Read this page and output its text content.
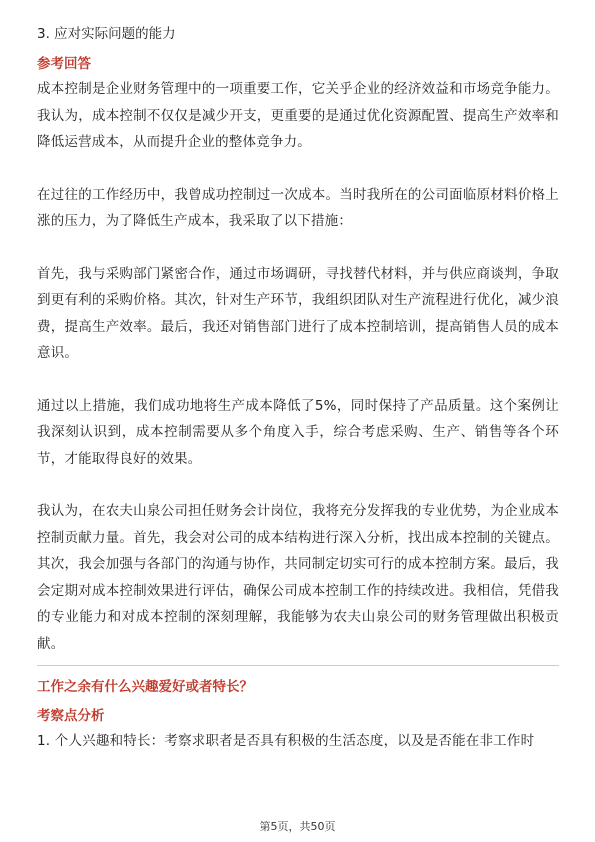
3. 应对实际问题的能力
参考回答

成本控制是企业财务管理中的一项重要工作，它关乎企业的经济效益和市场竞争能力。我认为，成本控制不仅仅是减少开支，更重要的是通过优化资源配置、提高生产效率和降低运营成本，从而提升企业的整体竞争力。

在过往的工作经历中，我曾成功控制过一次成本。当时我所在的公司面临原材料价格上涨的压力，为了降低生产成本，我采取了以下措施：

首先，我与采购部门紧密合作，通过市场调研，寻找替代材料，并与供应商谈判，争取到更有利的采购价格。其次，针对生产环节，我组织团队对生产流程进行优化，减少浪费，提高生产效率。最后，我还对销售部门进行了成本控制培训，提高销售人员的成本意识。

通过以上措施，我们成功地将生产成本降低了5%，同时保持了产品质量。这个案例让我深刻认识到，成本控制需要从多个角度入手，综合考虑采购、生产、销售等各个环节，才能取得良好的效果。

我认为，在农夫山泉公司担任财务会计岗位，我将充分发挥我的专业优势，为企业成本控制贡献力量。首先，我会对公司的成本结构进行深入分析，找出成本控制的关键点。其次，我会加强与各部门的沟通与协作，共同制定切实可行的成本控制方案。最后，我会定期对成本控制效果进行评估，确保公司成本控制工作的持续改进。我相信，凭借我的专业能力和对成本控制的深刻理解，我能够为农夫山泉公司的财务管理做出积极贡献。

工作之余有什么兴趣爱好或者特长？
考察点分析

1. 个人兴趣和特长：考察求职者是否具有积极的生活态度，以及是否能在非工作时

第5页，共50页
